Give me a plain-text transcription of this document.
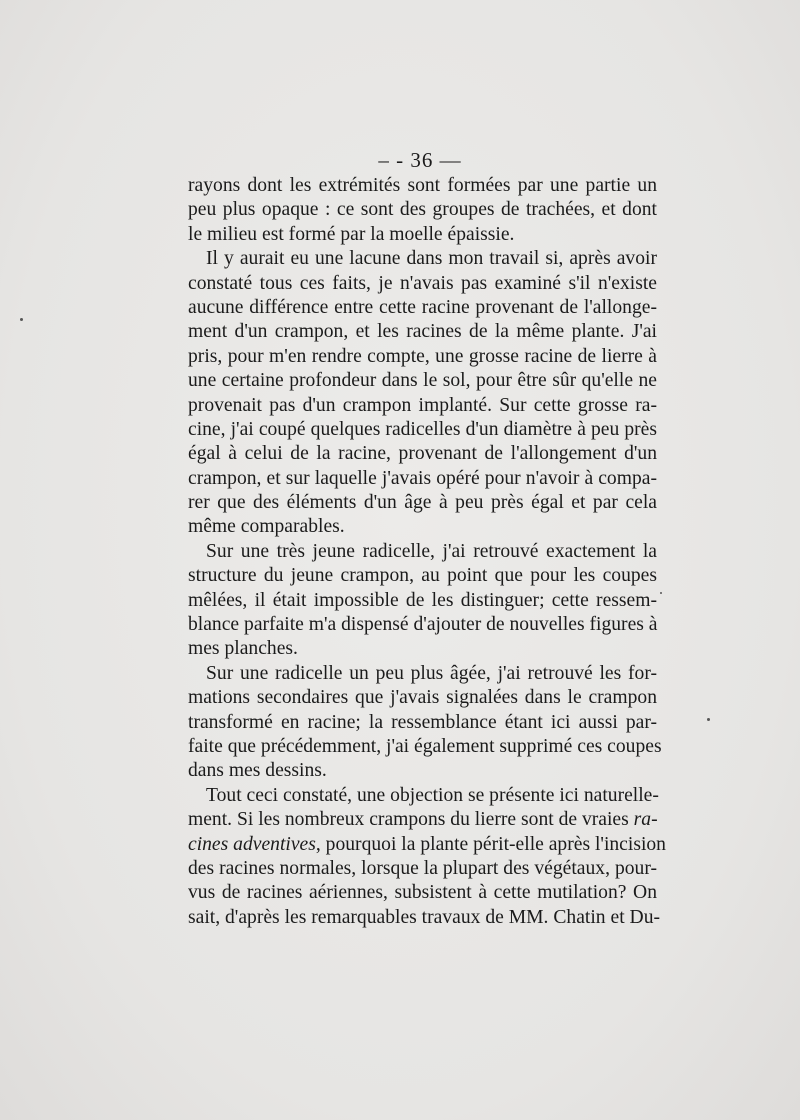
– - 36 —
rayons dont les extrémités sont formées par une partie un
peu plus opaque : ce sont des groupes de trachées, et dont
le milieu est formé par la moelle épaissie.
Il y aurait eu une lacune dans mon travail si, après avoir
constaté tous ces faits, je n'avais pas examiné s'il n'existe
aucune différence entre cette racine provenant de l'allonge-
ment d'un crampon, et les racines de la même plante. J'ai
pris, pour m'en rendre compte, une grosse racine de lierre à
une certaine profondeur dans le sol, pour être sûr qu'elle ne
provenait pas d'un crampon implanté. Sur cette grosse ra-
cine, j'ai coupé quelques radicelles d'un diamètre à peu près
égal à celui de la racine, provenant de l'allongement d'un
crampon, et sur laquelle j'avais opéré pour n'avoir à compa-
rer que des éléments d'un âge à peu près égal et par cela
même comparables.
Sur une très jeune radicelle, j'ai retrouvé exactement la
structure du jeune crampon, au point que pour les coupes
mêlées, il était impossible de les distinguer; cette ressem-
blance parfaite m'a dispensé d'ajouter de nouvelles figures à
mes planches.
Sur une radicelle un peu plus âgée, j'ai retrouvé les for-
mations secondaires que j'avais signalées dans le crampon
transformé en racine; la ressemblance étant ici aussi par-
faite que précédemment, j'ai également supprimé ces coupes
dans mes dessins.
Tout ceci constaté, une objection se présente ici naturelle-
ment. Si les nombreux crampons du lierre sont de vraies ra-
cines adventives, pourquoi la plante périt-elle après l'incision
des racines normales, lorsque la plupart des végétaux, pour-
vus de racines aériennes, subsistent à cette mutilation? On
sait, d'après les remarquables travaux de MM. Chatin et Du-
